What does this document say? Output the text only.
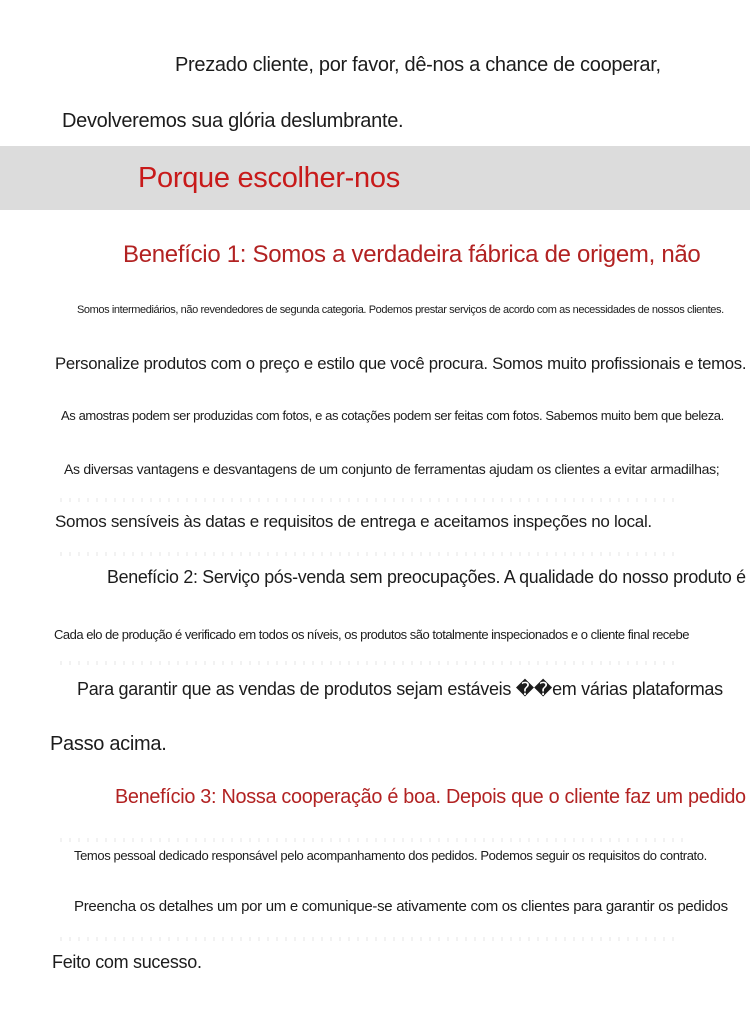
Prezado cliente, por favor, dê-nos a chance de cooperar,
Devolveremos sua glória deslumbrante.
Porque escolher-nos
Benefício 1: Somos a verdadeira fábrica de origem, não
Somos intermediários, não revendedores de segunda categoria. Podemos prestar serviços de acordo com as necessidades de nossos clientes.
Personalize produtos com o preço e estilo que você procura. Somos muito profissionais e temos.
As amostras podem ser produzidas com fotos, e as cotações podem ser feitas com fotos. Sabemos muito bem que beleza.
As diversas vantagens e desvantagens de um conjunto de ferramentas ajudam os clientes a evitar armadilhas;
Somos sensíveis às datas e requisitos de entrega e aceitamos inspeções no local.
Benefício 2: Serviço pós-venda sem preocupações. A qualidade do nosso produto é
Cada elo de produção é verificado em todos os níveis, os produtos são totalmente inspecionados e o cliente final recebe
Para garantir que as vendas de produtos sejam estáveis ��em várias plataformas
Passo acima.
Benefício 3: Nossa cooperação é boa. Depois que o cliente faz um pedido
Temos pessoal dedicado responsável pelo acompanhamento dos pedidos. Podemos seguir os requisitos do contrato.
Preencha os detalhes um por um e comunique-se ativamente com os clientes para garantir os pedidos
Feito com sucesso.
